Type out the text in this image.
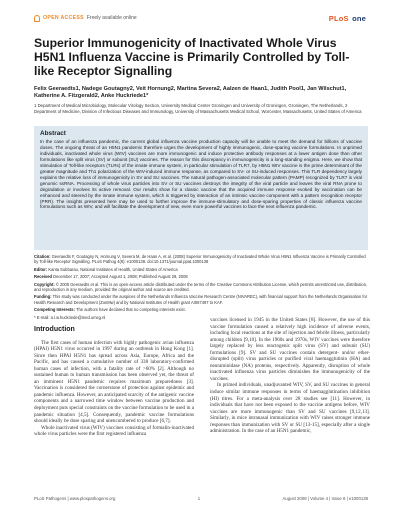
OPEN ACCESS Freely available online	PLoS one
Superior Immunogenicity of Inactivated Whole Virus H5N1 Influenza Vaccine is Primarily Controlled by Toll-like Receptor Signalling
Felix Geeraedts1, Nadege Goutagny2, Veit Hornung2, Martina Severa2, Aalzen de Haan1, Judith Pool1, Jan Wilschut1, Katherine A. Fitzgerald2, Anke Huckriede1*
1 Department of Medical Microbiology, Molecular Virology Section, University Medical Center Groningen and University of Groningen, Groningen, The Netherlands, 2 Department of Medicine, Division of Infectious Diseases and Immunology, University of Massachusetts Medical School, Worcester, Massachusetts, United States of America
Abstract
In the case of an influenza pandemic, the current global influenza vaccine production capacity will be unable to meet the demand for billions of vaccine doses. The ongoing threat of an H5N1 pandemic therefore urges the development of highly immunogenic, dose-sparing vaccine formulations. In unprimed individuals, inactivated whole virus (WIV) vaccines are more immunogenic and induce protective antibody responses at a lower antigen dose than other formulations like split virus (SV) or subunit (SU) vaccines. The reason for this discrepancy in immunogenicity is a long-standing enigma. Here, we show that stimulation of Toll-like receptors (TLRs) of the innate immune system, in particular stimulation of TLR7, by H5N1 WIV vaccine is the prime determinant of the greater magnitude and Th1 polarization of the WIV-induced immune response, as compared to SV- or SU-induced responses. This TLR dependency largely explains the relative loss of immunogenicity in SV and SU vaccines. The natural pathogen-associated molecular pattern (PAMP) recognized by TLR7 is viral genomic ssRNA. Processing of whole virus particles into SV or SU vaccines destroys the integrity of the viral particle and leaves the viral RNA prone to degradation or involves its active removal. Our results show for a classic vaccine that the acquired immune response evoked by vaccination can be enhanced and steered by the innate immune system, which is triggered by interaction of an intrinsic vaccine component with a pattern recognition receptor (PRR). The insights presented here may be used to further improve the immune-stimulatory and dose-sparing properties of classic influenza vaccine formulations such as WIV, and will facilitate the development of new, even more powerful vaccines to face the next influenza pandemic.

Citation: Geeraedts F, Goutagny N, Hornung V, Severa M, de Haan A, et al. (2008) Superior Immunogenicity of Inactivated Whole Virus H5N1 Influenza Vaccine is Primarily Controlled by Toll-like Receptor Signalling. PLoS Pathog 4(8): e1000138. doi:10.1371/journal.ppat.1000138

Editor: Kanta Subbarao, National Institutes of Health, United States of America

Received December 17, 2007; Accepted August 1, 2008; Published August 29, 2008

Copyright: © 2008 Geeraedts et al. This is an open-access article distributed under the terms of the Creative Commons Attribution License, which permits unrestricted use, distribution, and reproduction in any medium, provided the original author and source are credited.

Funding: This study was conducted under the auspices of the Netherlands Influenza Vaccine Research Centre (NIVAREC), with financial support from the Netherlands Organisation for Health Research and Development (ZonMw) and by National Institutes of Health grant AI067497 to KAF.

Competing Interests: The authors have declared that no competing interests exist.

* E-mail: a.l.w.huckriede@med.umcg.nl

Introduction

The first cases of human infection with highly pathogenic avian influenza (HPAI) H5N1 virus occurred in 1997 during an outbreak in Hong Kong [1]. Since then HPAI H5N1 has spread across Asia, Europe, Africa and the Pacific, and has caused a cumulative number of 338 laboratory-confirmed human cases of infection, with a fatality rate of >60% [2]. Although no sustained human to human transmission has been observed yet, the threat of an imminent H5N1 pandemic requires maximum preparedness [3]. Vaccination is considered the cornerstone of protection against epidemic and pandemic influenza. However, an anticipated scarcity of the antigenic vaccine components and a narrowed time window between vaccine production and deployment puts special constraints on the vaccine formulation to be used in a pandemic situation [4,5]. Consequently, pandemic vaccine formulations should ideally be dose sparing and unencumbered to produce [6,7].

Whole inactivated virus (WIV) vaccines consisting of formalin-inactivated whole virus particles were the first registered influenza

vaccines licensed in 1945 in the United States [8]. However, the use of this vaccine formulation caused a relatively high incidence of adverse events, including local reactions at the site of injection and febrile illness, particularly among children [9,10]. In the 1960s and 1970s, WIV vaccines were therefore largely replaced by less reactogenic split virus (SV) and subunit (SU) formulations [9]. SV and SU vaccines contain detergent- and/or ether-disrupted (split) virus particles or purified viral haemagglutinin (HA) and neuraminidase (NA) proteins, respectively. Apparently, disruption of whole inactivated influenza virus particles diminishes the immunogenicity of the vaccines.

In primed individuals, unadjuvanted WIV, SV, and SU vaccines in general induce similar immune responses in terms of haemagglutination inhibition (HI) titres. For a meta-analysis over 28 studies see [11]. However, in individuals that have not been exposed to the vaccine antigens before, WIV vaccines are more immunogenic than SV and SU vaccines [9,12,13]. Similarly, in mice intranasal immunization with WIV raises stronger immune responses than immunization with SV or SU [13-15], especially after a single administration. In the case of an H5N1 pandemic,

PLoS Pathogens | www.plospathogens.org	1	August 2008 | Volume 4 | Issue 8 | e1000138
